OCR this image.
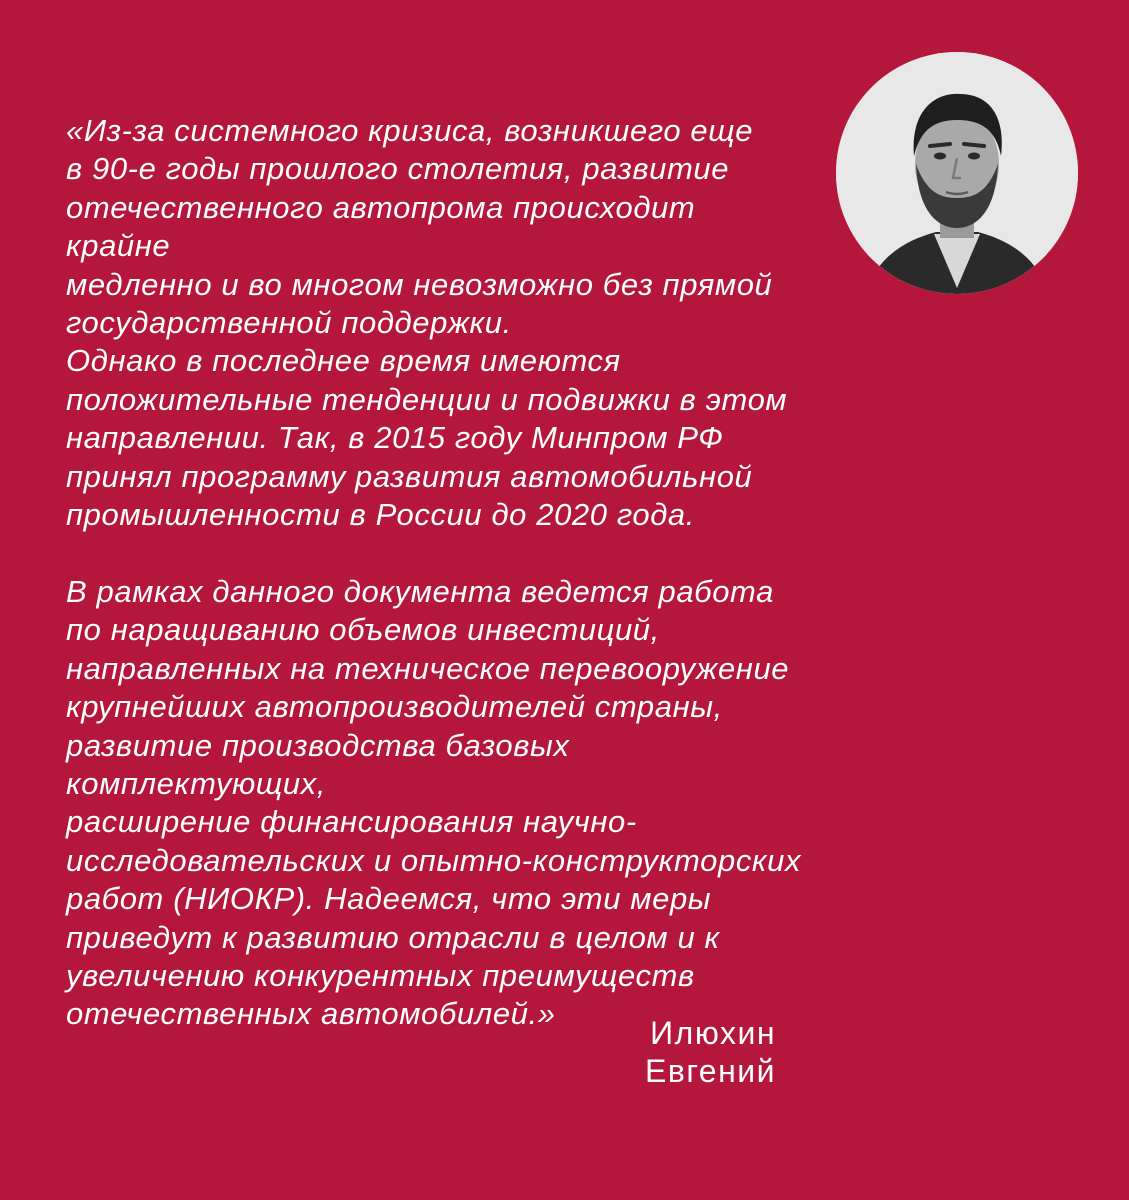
«Из-за системного кризиса, возникшего еще
в 90-е годы прошлого столетия, развитие
отечественного автопрома происходит крайне
медленно и во многом невозможно без прямой
государственной поддержки.
Однако в последнее время имеются
положительные тенденции и подвижки в этом
направлении. Так, в 2015 году Минпром РФ
принял программу развития автомобильной
промышленности в России до 2020 года.

В рамках данного документа ведется работа
по наращиванию объемов инвестиций,
направленных на техническое перевооружение
крупнейших автопроизводителей страны,
развитие производства базовых комплектующих,
расширение финансирования научно-
исследовательских и опытно-конструкторских
работ (НИОКР). Надеемся, что эти меры
приведут к развитию отрасли в целом и к
увеличению конкурентных преимуществ
отечественных автомобилей.»

Илюхин
Евгений
